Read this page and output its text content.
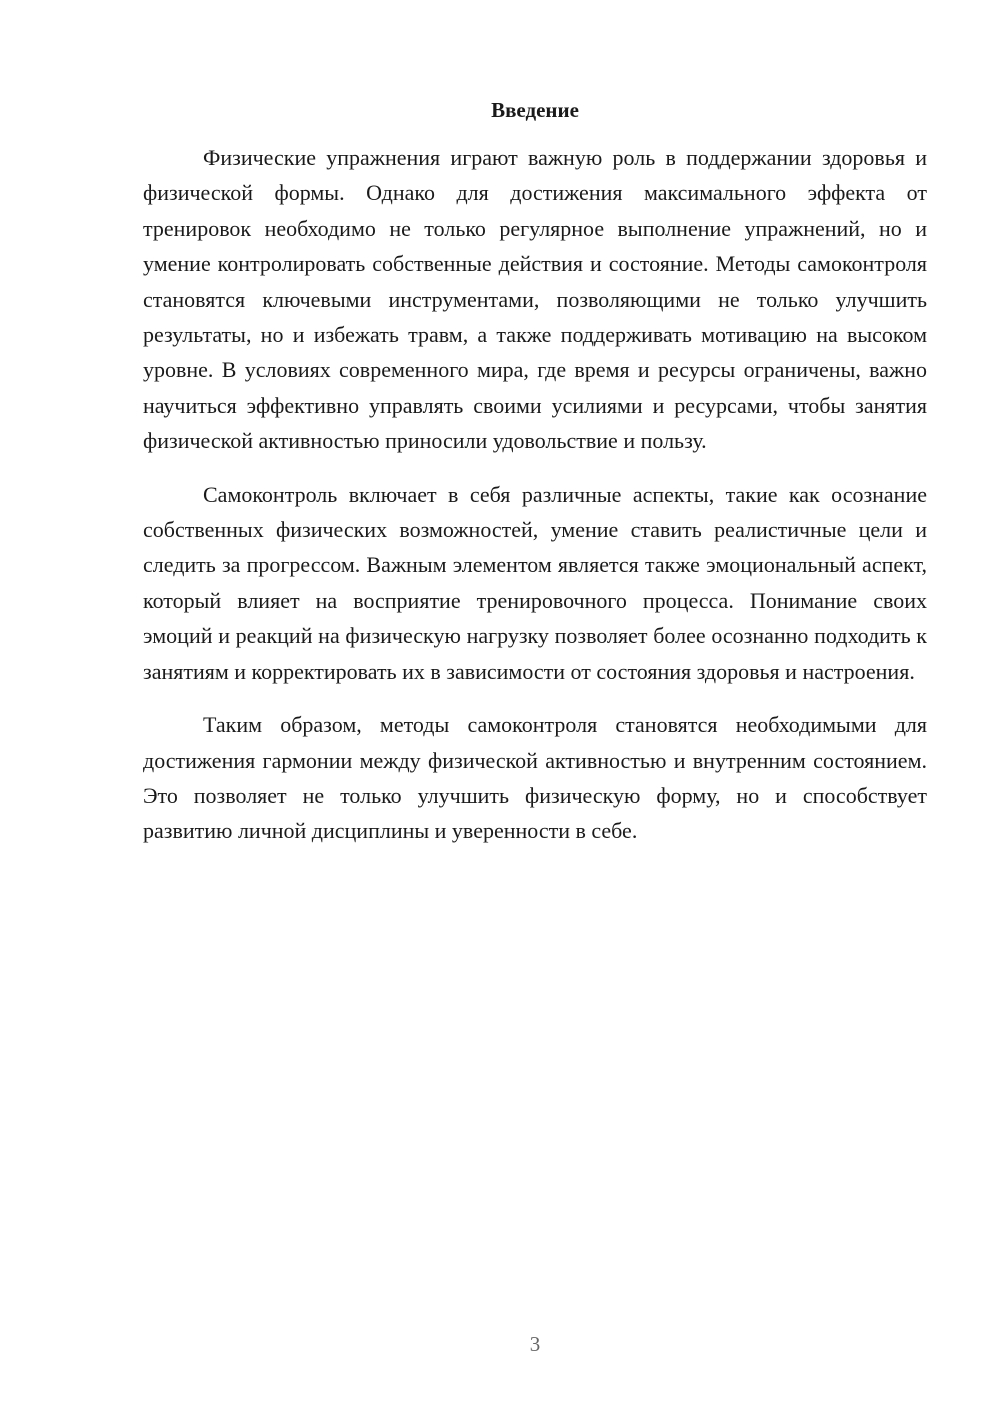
Введение

Физические упражнения играют важную роль в поддержании здоровья и физической формы. Однако для достижения максимального эффекта от тренировок необходимо не только регулярное выполнение упражнений, но и умение контролировать собственные действия и состояние. Методы самоконтроля становятся ключевыми инструментами, позволяющими не только улучшить результаты, но и избежать травм, а также поддерживать мотивацию на высоком уровне. В условиях современного мира, где время и ресурсы ограничены, важно научиться эффективно управлять своими усилиями и ресурсами, чтобы занятия физической активностью приносили удовольствие и пользу.

Самоконтроль включает в себя различные аспекты, такие как осознание собственных физических возможностей, умение ставить реалистичные цели и следить за прогрессом. Важным элементом является также эмоциональный аспект, который влияет на восприятие тренировочного процесса. Понимание своих эмоций и реакций на физическую нагрузку позволяет более осознанно подходить к занятиям и корректировать их в зависимости от состояния здоровья и настроения.

Таким образом, методы самоконтроля становятся необходимыми для достижения гармонии между физической активностью и внутренним состоянием. Это позволяет не только улучшить физическую форму, но и способствует развитию личной дисциплины и уверенности в себе.

3
